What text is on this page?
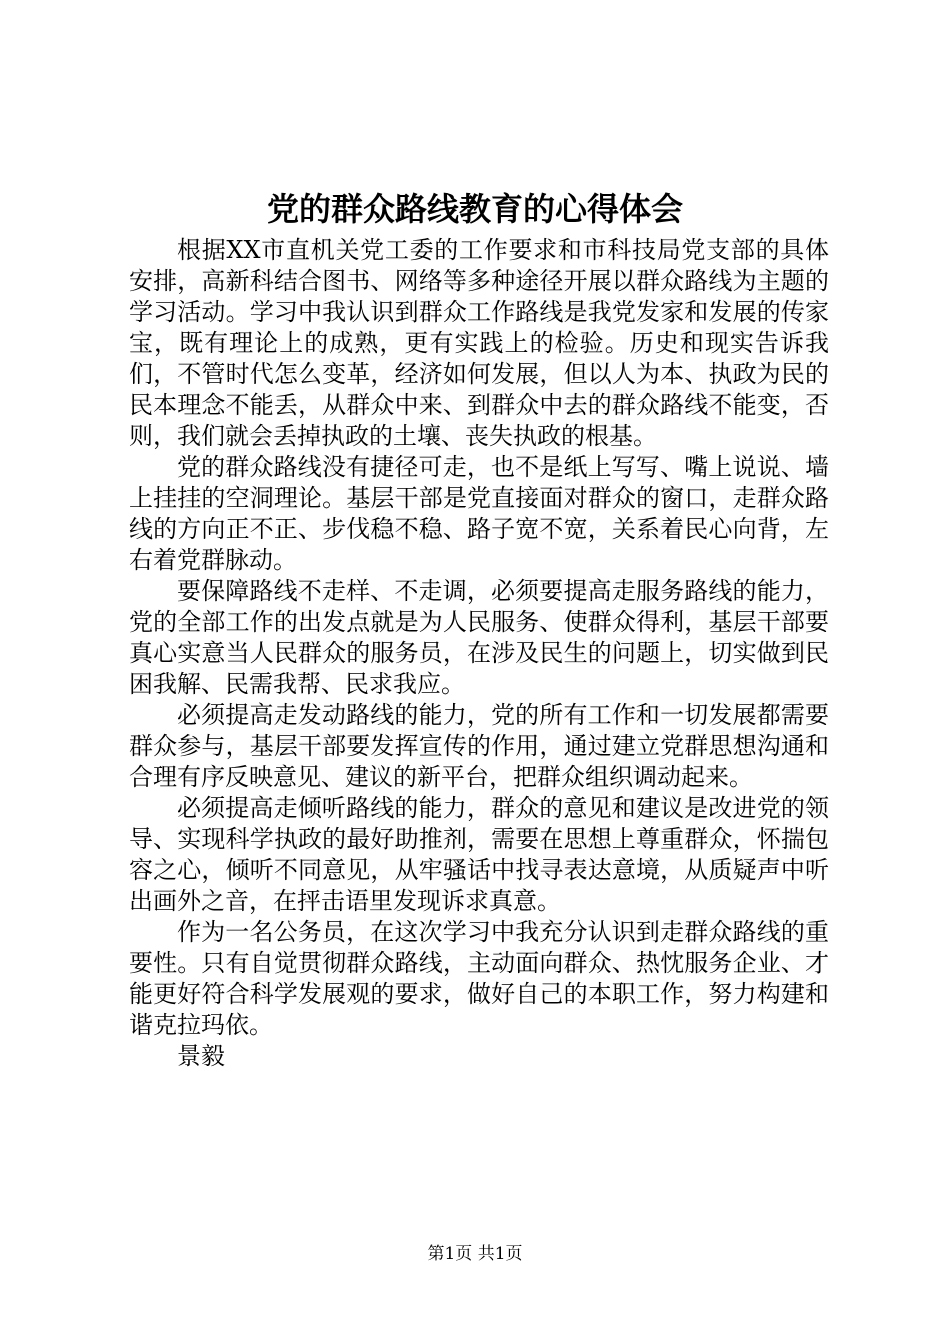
党的群众路线教育的心得体会

根据XX市直机关党工委的工作要求和市科技局党支部的具体安排，高新科结合图书、网络等多种途径开展以群众路线为主题的学习活动。学习中我认识到群众工作路线是我党发家和发展的传家宝，既有理论上的成熟，更有实践上的检验。历史和现实告诉我们，不管时代怎么变革，经济如何发展，但以人为本、执政为民的民本理念不能丢，从群众中来、到群众中去的群众路线不能变，否则，我们就会丢掉执政的土壤、丧失执政的根基。

党的群众路线没有捷径可走，也不是纸上写写、嘴上说说、墙上挂挂的空洞理论。基层干部是党直接面对群众的窗口，走群众路线的方向正不正、步伐稳不稳、路子宽不宽，关系着民心向背，左右着党群脉动。

要保障路线不走样、不走调，必须要提高走服务路线的能力，党的全部工作的出发点就是为人民服务、使群众得利，基层干部要真心实意当人民群众的服务员，在涉及民生的问题上，切实做到民困我解、民需我帮、民求我应。

必须提高走发动路线的能力，党的所有工作和一切发展都需要群众参与，基层干部要发挥宣传的作用，通过建立党群思想沟通和合理有序反映意见、建议的新平台，把群众组织调动起来。

必须提高走倾听路线的能力，群众的意见和建议是改进党的领导、实现科学执政的最好助推剂，需要在思想上尊重群众，怀揣包容之心，倾听不同意见，从牢骚话中找寻表达意境，从质疑声中听出画外之音，在抨击语里发现诉求真意。

作为一名公务员，在这次学习中我充分认识到走群众路线的重要性。只有自觉贯彻群众路线，主动面向群众、热忱服务企业、才能更好符合科学发展观的要求，做好自己的本职工作，努力构建和谐克拉玛依。

景毅

第1页 共1页
